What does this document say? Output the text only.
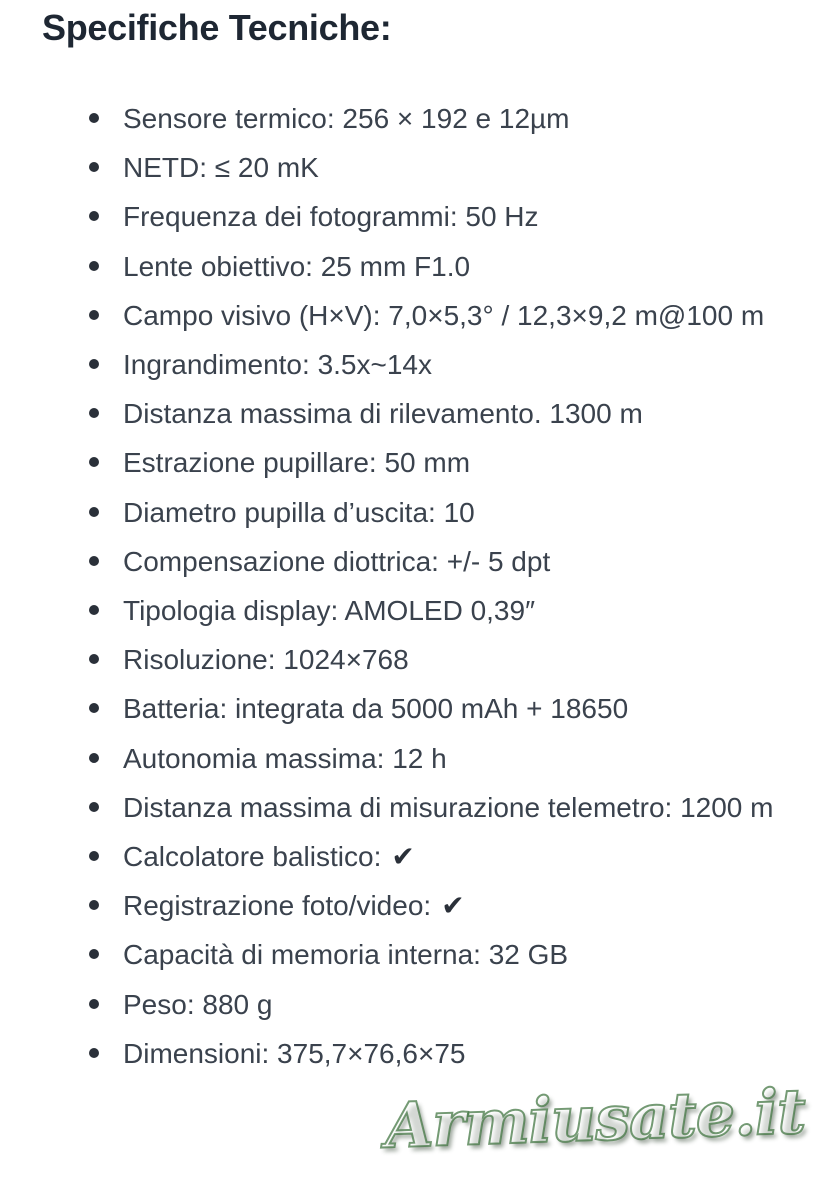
Specifiche Tecniche:
Sensore termico: 256 × 192 e 12µm
NETD: ≤ 20 mK
Frequenza dei fotogrammi: 50 Hz
Lente obiettivo: 25 mm F1.0
Campo visivo (H×V): 7,0×5,3° / 12,3×9,2 m@100 m
Ingrandimento: 3.5x~14x
Distanza massima di rilevamento. 1300 m
Estrazione pupillare: 50 mm
Diametro pupilla d’uscita: 10
Compensazione diottrica: +/- 5 dpt
Tipologia display: AMOLED 0,39″
Risoluzione: 1024×768
Batteria: integrata da 5000 mAh + 18650
Autonomia massima: 12 h
Distanza massima di misurazione telemetro: 1200 m
Calcolatore balistico: ✔
Registrazione foto/video: ✔
Capacità di memoria interna: 32 GB
Peso: 880 g
Dimensioni: 375,7×76,6×75
Armiusate.it
